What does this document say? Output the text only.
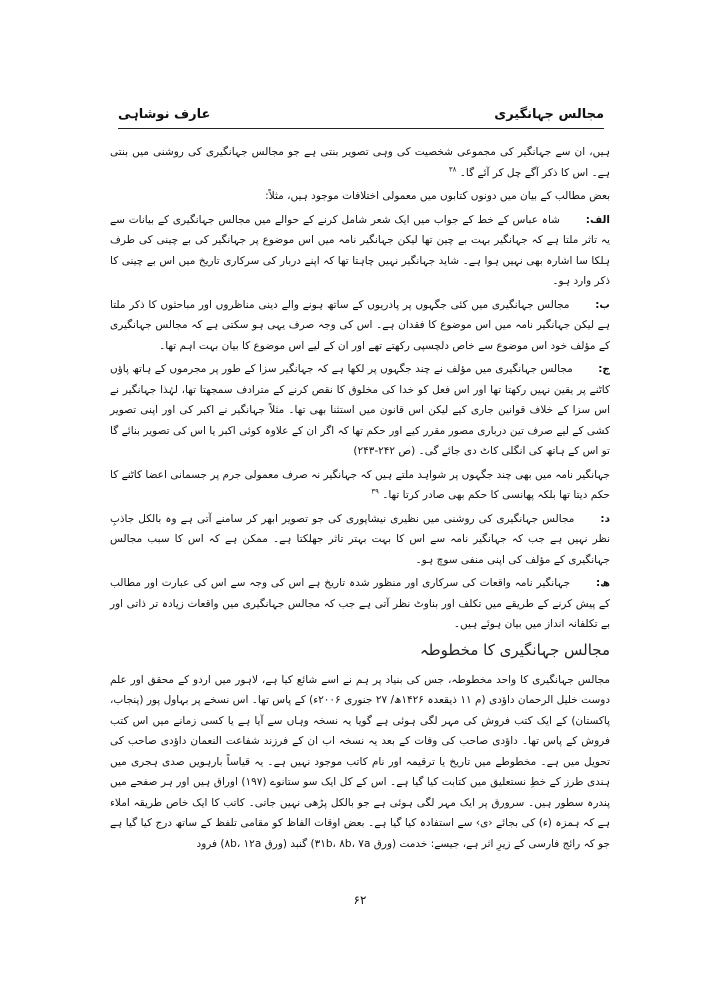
عارف نوشاہی	مجالس جہانگیری

ہیں، ان سے جہانگیر کی مجموعی شخصیت کی وہی تصویر بنتی ہے جو مجالس جہانگیری کی روشنی میں بنتی ہے۔ اس کا ذکر آگے چل کر آئے گا۔ $^{۳۸}$

بعض مطالب کے بیان میں دونوں کتابوں میں معمولی اختلافات موجود ہیں، مثلاً:

الف: شاہ عباس کے خط کے جواب میں ایک شعر شامل کرنے کے حوالے میں مجالس جہانگیری کے بیانات سے یہ تاثر ملتا ہے کہ جہانگیر بہت بے چین تھا لیکن جہانگیر نامہ میں اس موضوع پر جہانگیر کی بے چینی کی طرف ہلکا سا اشارہ بھی نہیں ہوا ہے۔ شاید جہانگیر نہیں چاہتا تھا کہ اپنے دربار کی سرکاری تاریخ میں اس بے چینی کا ذکر وارد ہو۔

ب: مجالس جہانگیری میں کئی جگہوں پر پادریوں کے ساتھ ہونے والے دینی مناظروں اور مباحثوں کا ذکر ملتا ہے لیکن جہانگیر نامہ میں اس موضوع کا فقدان ہے۔ اس کی وجہ صرف یہی ہو سکتی ہے کہ مجالس جہانگیری کے مؤلف خود اس موضوع سے خاص دلچسپی رکھتے تھے اور ان کے لیے اس موضوع کا بیان بہت اہم تھا۔

ج: مجالس جہانگیری میں مؤلف نے چند جگہوں پر لکھا ہے کہ جہانگیر سزا کے طور پر مجرموں کے ہاتھ پاؤں کاٹنے پر یقین نہیں رکھتا تھا اور اس فعل کو خدا کی مخلوق کا نقص کرنے کے مترادف سمجھتا تھا، لہٰذا جہانگیر نے اس سزا کے خلاف قوانین جاری کیے لیکن اس قانون میں استثنا بھی تھا۔ مثلاً جہانگیر نے اکبر کی اور اپنی تصویر کشی کے لیے صرف تین درباری مصور مقرر کیے اور حکم تھا کہ اگر ان کے علاوہ کوئی اکبر یا اس کی تصویر بنائے گا تو اس کے ہاتھ کی انگلی کاٹ دی جائے گی۔ (ص ۲۴۲-۲۴۳)

جہانگیر نامہ میں بھی چند جگہوں پر شواہد ملتے ہیں کہ جہانگیر نہ صرف معمولی جرم پر جسمانی اعضا کاٹنے کا حکم دیتا تھا بلکہ پھانسی کا حکم بھی صادر کرتا تھا۔ $^{۳۹}$

د: مجالس جہانگیری کی روشنی میں نظیری نیشاپوری کی جو تصویر ابھر کر سامنے آتی ہے وہ بالکل جاذبِ نظر نہیں ہے جب کہ جہانگیر نامہ سے اس کا بہت بہتر تاثر جھلکتا ہے۔ ممکن ہے کہ اس کا سبب مجالس جہانگیری کے مؤلف کی اپنی منفی سوچ ہو۔

ھ: جہانگیر نامہ واقعات کی سرکاری اور منظور شدہ تاریخ ہے اس کی وجہ سے اس کی عبارت اور مطالب کے پیش کرنے کے طریقے میں تکلف اور بناوٹ نظر آتی ہے جب کہ مجالس جہانگیری میں واقعات زیادہ تر ذاتی اور بے تکلفانہ انداز میں بیان ہوئے ہیں۔

مجالس جہانگیری کا مخطوطہ

مجالس جہانگیری کا واحد مخطوطہ، جس کی بنیاد پر ہم نے اسے شائع کیا ہے، لاہور میں اردو کے محقق اور علم دوست خلیل الرحمان داؤدی (م ۱۱ ذیقعدہ ۱۴۲۶ھ/ ۲۷ جنوری ۲۰۰۶ء) کے پاس تھا۔ اس نسخے پر بہاول پور (پنجاب، پاکستان) کے ایک کتب فروش کی مہر لگی ہوئی ہے گویا یہ نسخہ وہاں سے آیا ہے یا کسی زمانے میں اس کتب فروش کے پاس تھا۔ داؤدی صاحب کی وفات کے بعد یہ نسخہ اب ان کے فرزند شفاعت النعمان داؤدی صاحب کی تحویل میں ہے۔ مخطوطے میں تاریخ یا ترقیمہ اور نام کاتب موجود نہیں ہے۔ یہ قیاساً بارہویں صدی ہجری میں ہندی طرز کے خطِ نستعلیق میں کتابت کیا گیا ہے۔ اس کے کل ایک سو ستانوے (۱۹۷) اوراق ہیں اور ہر صفحے میں پندرہ سطور ہیں۔ سرورق پر ایک مہر لگی ہوئی ہے جو بالکل پڑھی نہیں جاتی۔ کاتب کا ایک خاص طریقہ املاء ہے کہ ہمزہ (ء) کی بجائے ‹ی› سے استفادہ کیا گیا ہے۔ بعض اوقات الفاظ کو مقامی تلفظ کے ساتھ درج کیا گیا ہے جو کہ رائج فارسی کے زیرِ اثر ہے، جیسے: خدمت (ورق ۳۱b، ۸b، ۷a) گنبد (ورق ۸b، ۱۲a) فرود

۶۲
